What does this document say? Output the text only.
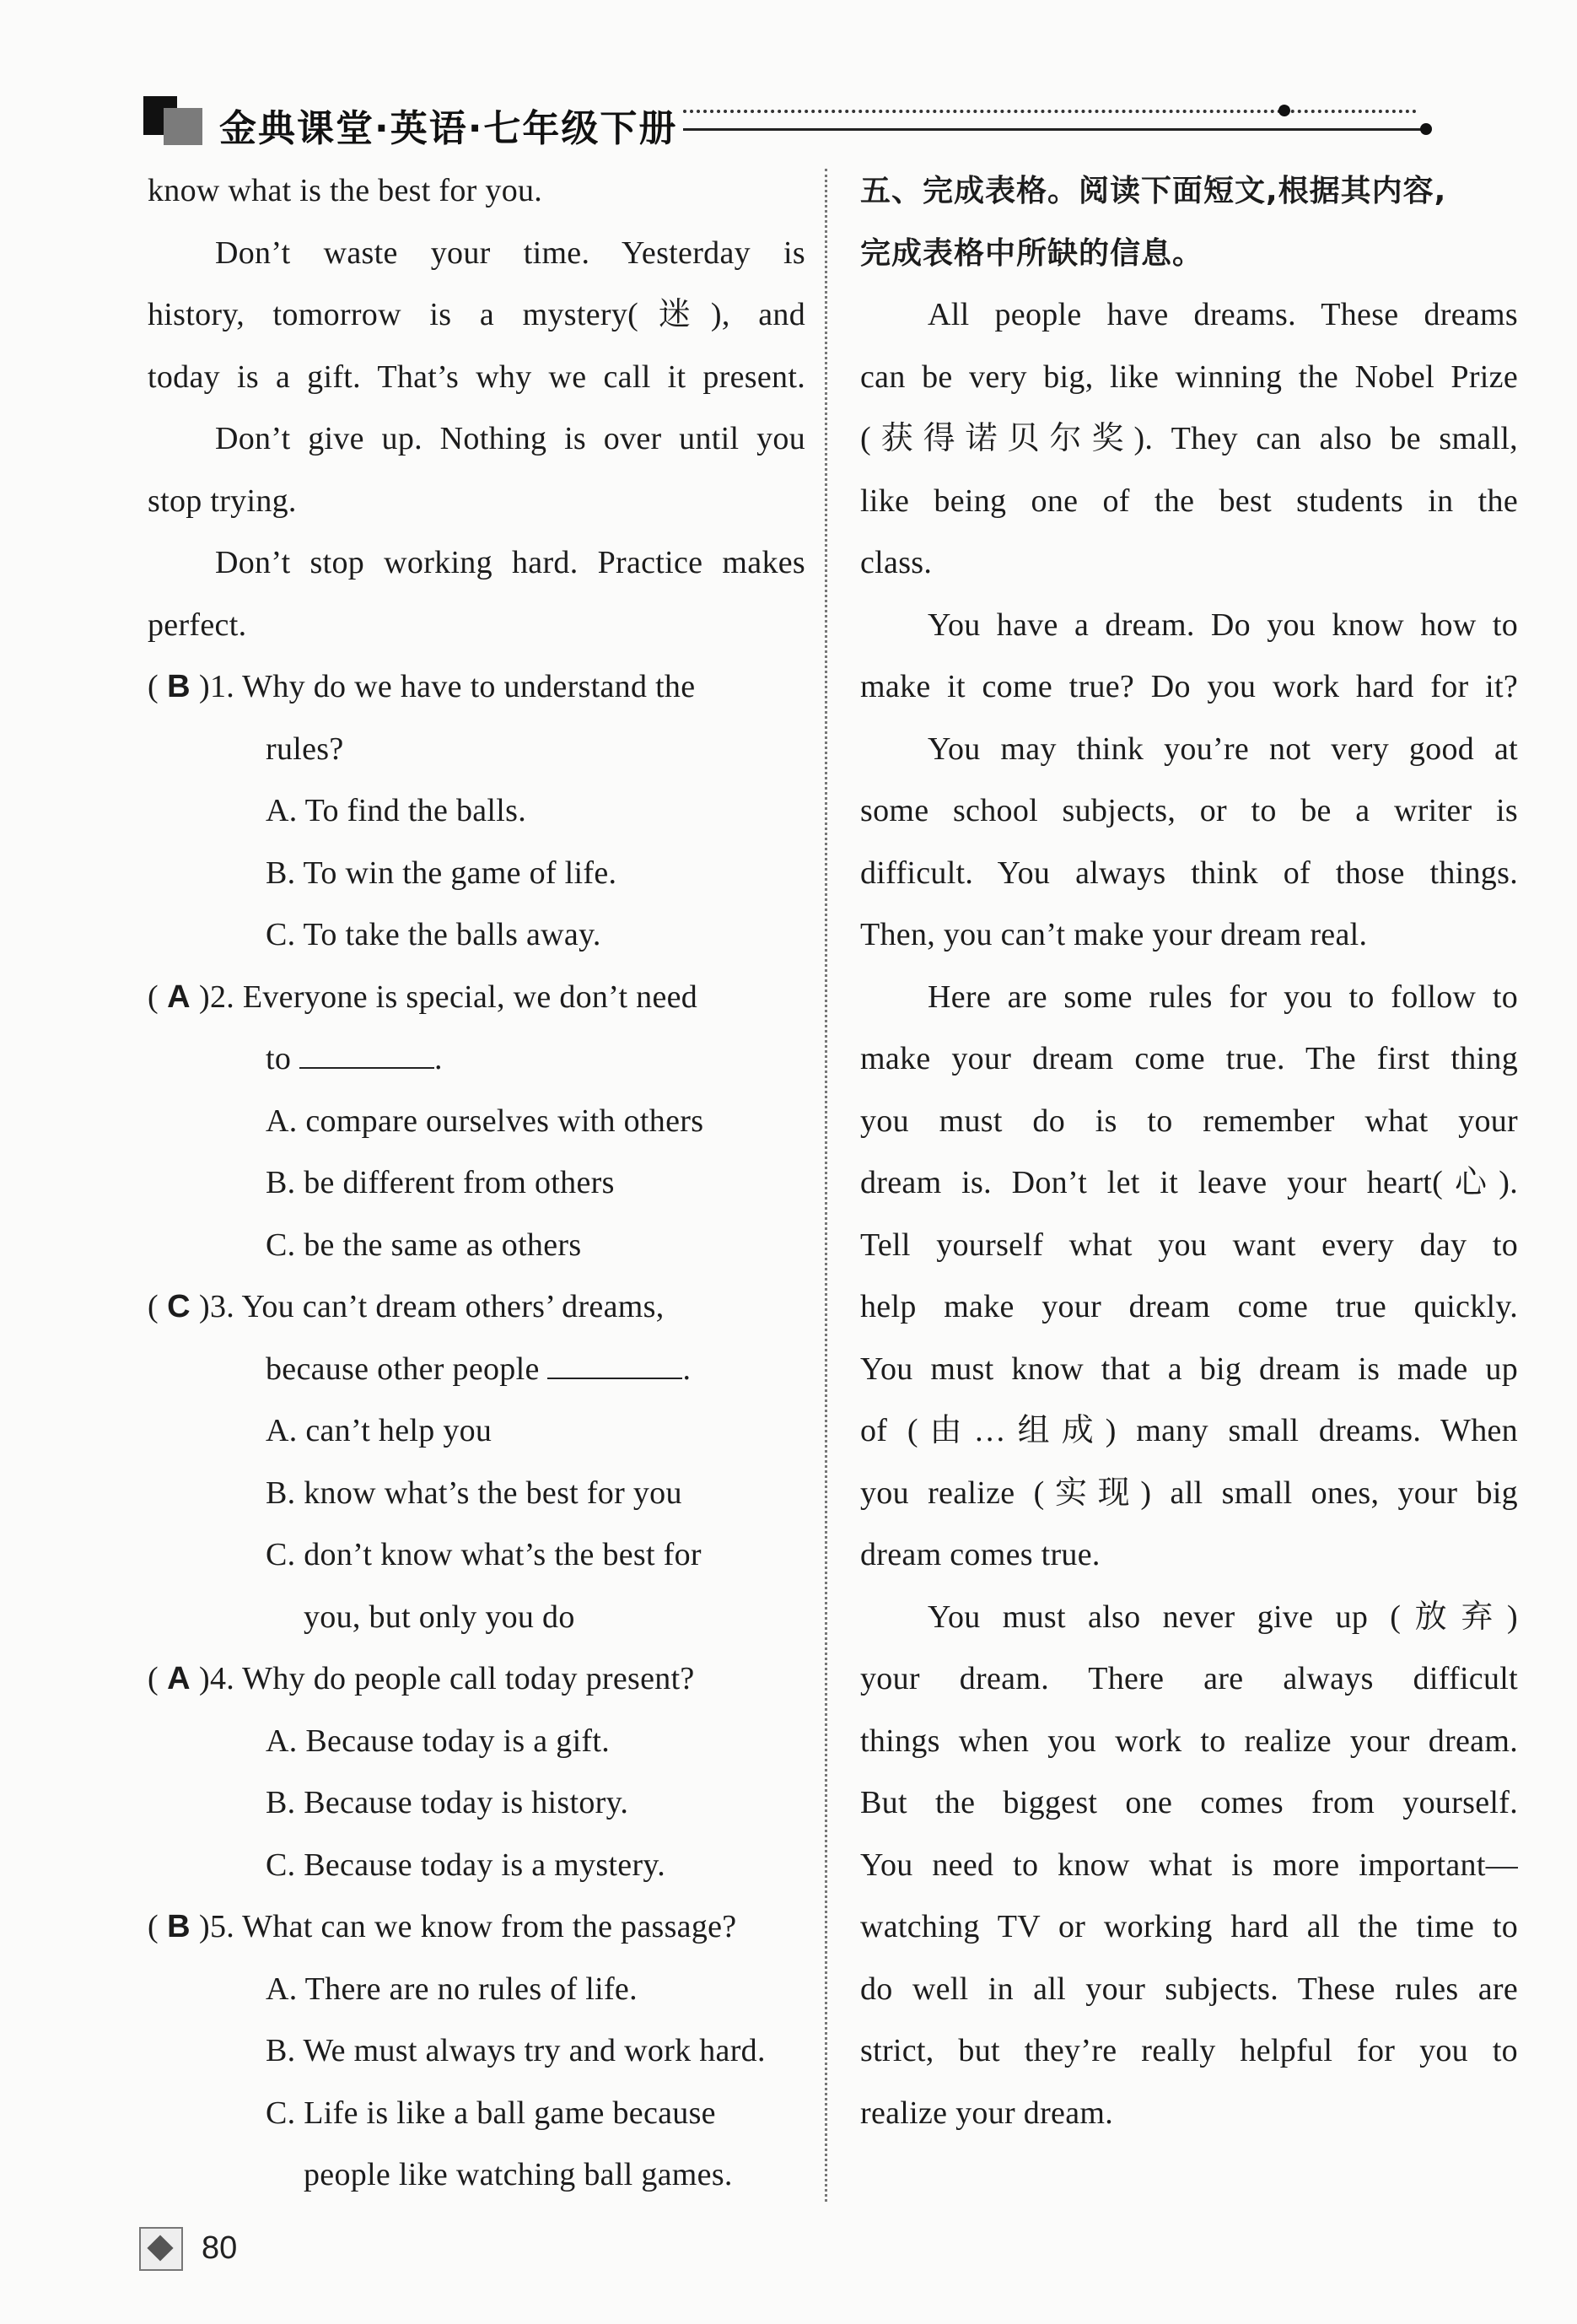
金典课堂·英语·七年级下册
know what is the best for you.
Don’t waste your time. Yesterday is
history, tomorrow is a mystery(迷), and
today is a gift. That’s why we call it present.
Don’t give up. Nothing is over until you
stop trying.
Don’t stop working hard. Practice makes
perfect.
( B )1. Why do we have to understand the
rules?
A. To find the balls.
B. To win the game of life.
C. To take the balls away.
( A )2. Everyone is special, we don’t need
to	.
A. compare ourselves with others
B. be different from others
C. be the same as others
( C )3. You can’t dream others’ dreams,
because other people	.
A. can’t help you
B. know what’s the best for you
C. don’t know what’s the best for
you, but only you do
( A )4. Why do people call today present?
A. Because today is a gift.
B. Because today is history.
C. Because today is a mystery.
( B )5. What can we know from the passage?
A. There are no rules of life.
B. We must always try and work hard.
C. Life is like a ball game because
people like watching ball games.
五、完成表格。阅读下面短文,根据其内容,
完成表格中所缺的信息。
All people have dreams. These dreams
can be very big, like winning the Nobel Prize
(获得诺贝尔奖). They can also be small,
like being one of the best students in the
class.
You have a dream. Do you know how to
make it come true? Do you work hard for it?
You may think you’re not very good at
some school subjects, or to be a writer is
difficult. You always think of those things.
Then, you can’t make your dream real.
Here are some rules for you to follow to
make your dream come true. The first thing
you must do is to remember what your
dream is. Don’t let it leave your heart(心).
Tell yourself what you want every day to
help make your dream come true quickly.
You must know that a big dream is made up
of (由…组成) many small dreams. When
you realize (实现) all small ones, your big
dream comes true.
You must also never give up (放弃)
your dream. There are always difficult
things when you work to realize your dream.
But the biggest one comes from yourself.
You need to know what is more important—
watching TV or working hard all the time to
do well in all your subjects. These rules are
strict, but they’re really helpful for you to
realize your dream.
80
